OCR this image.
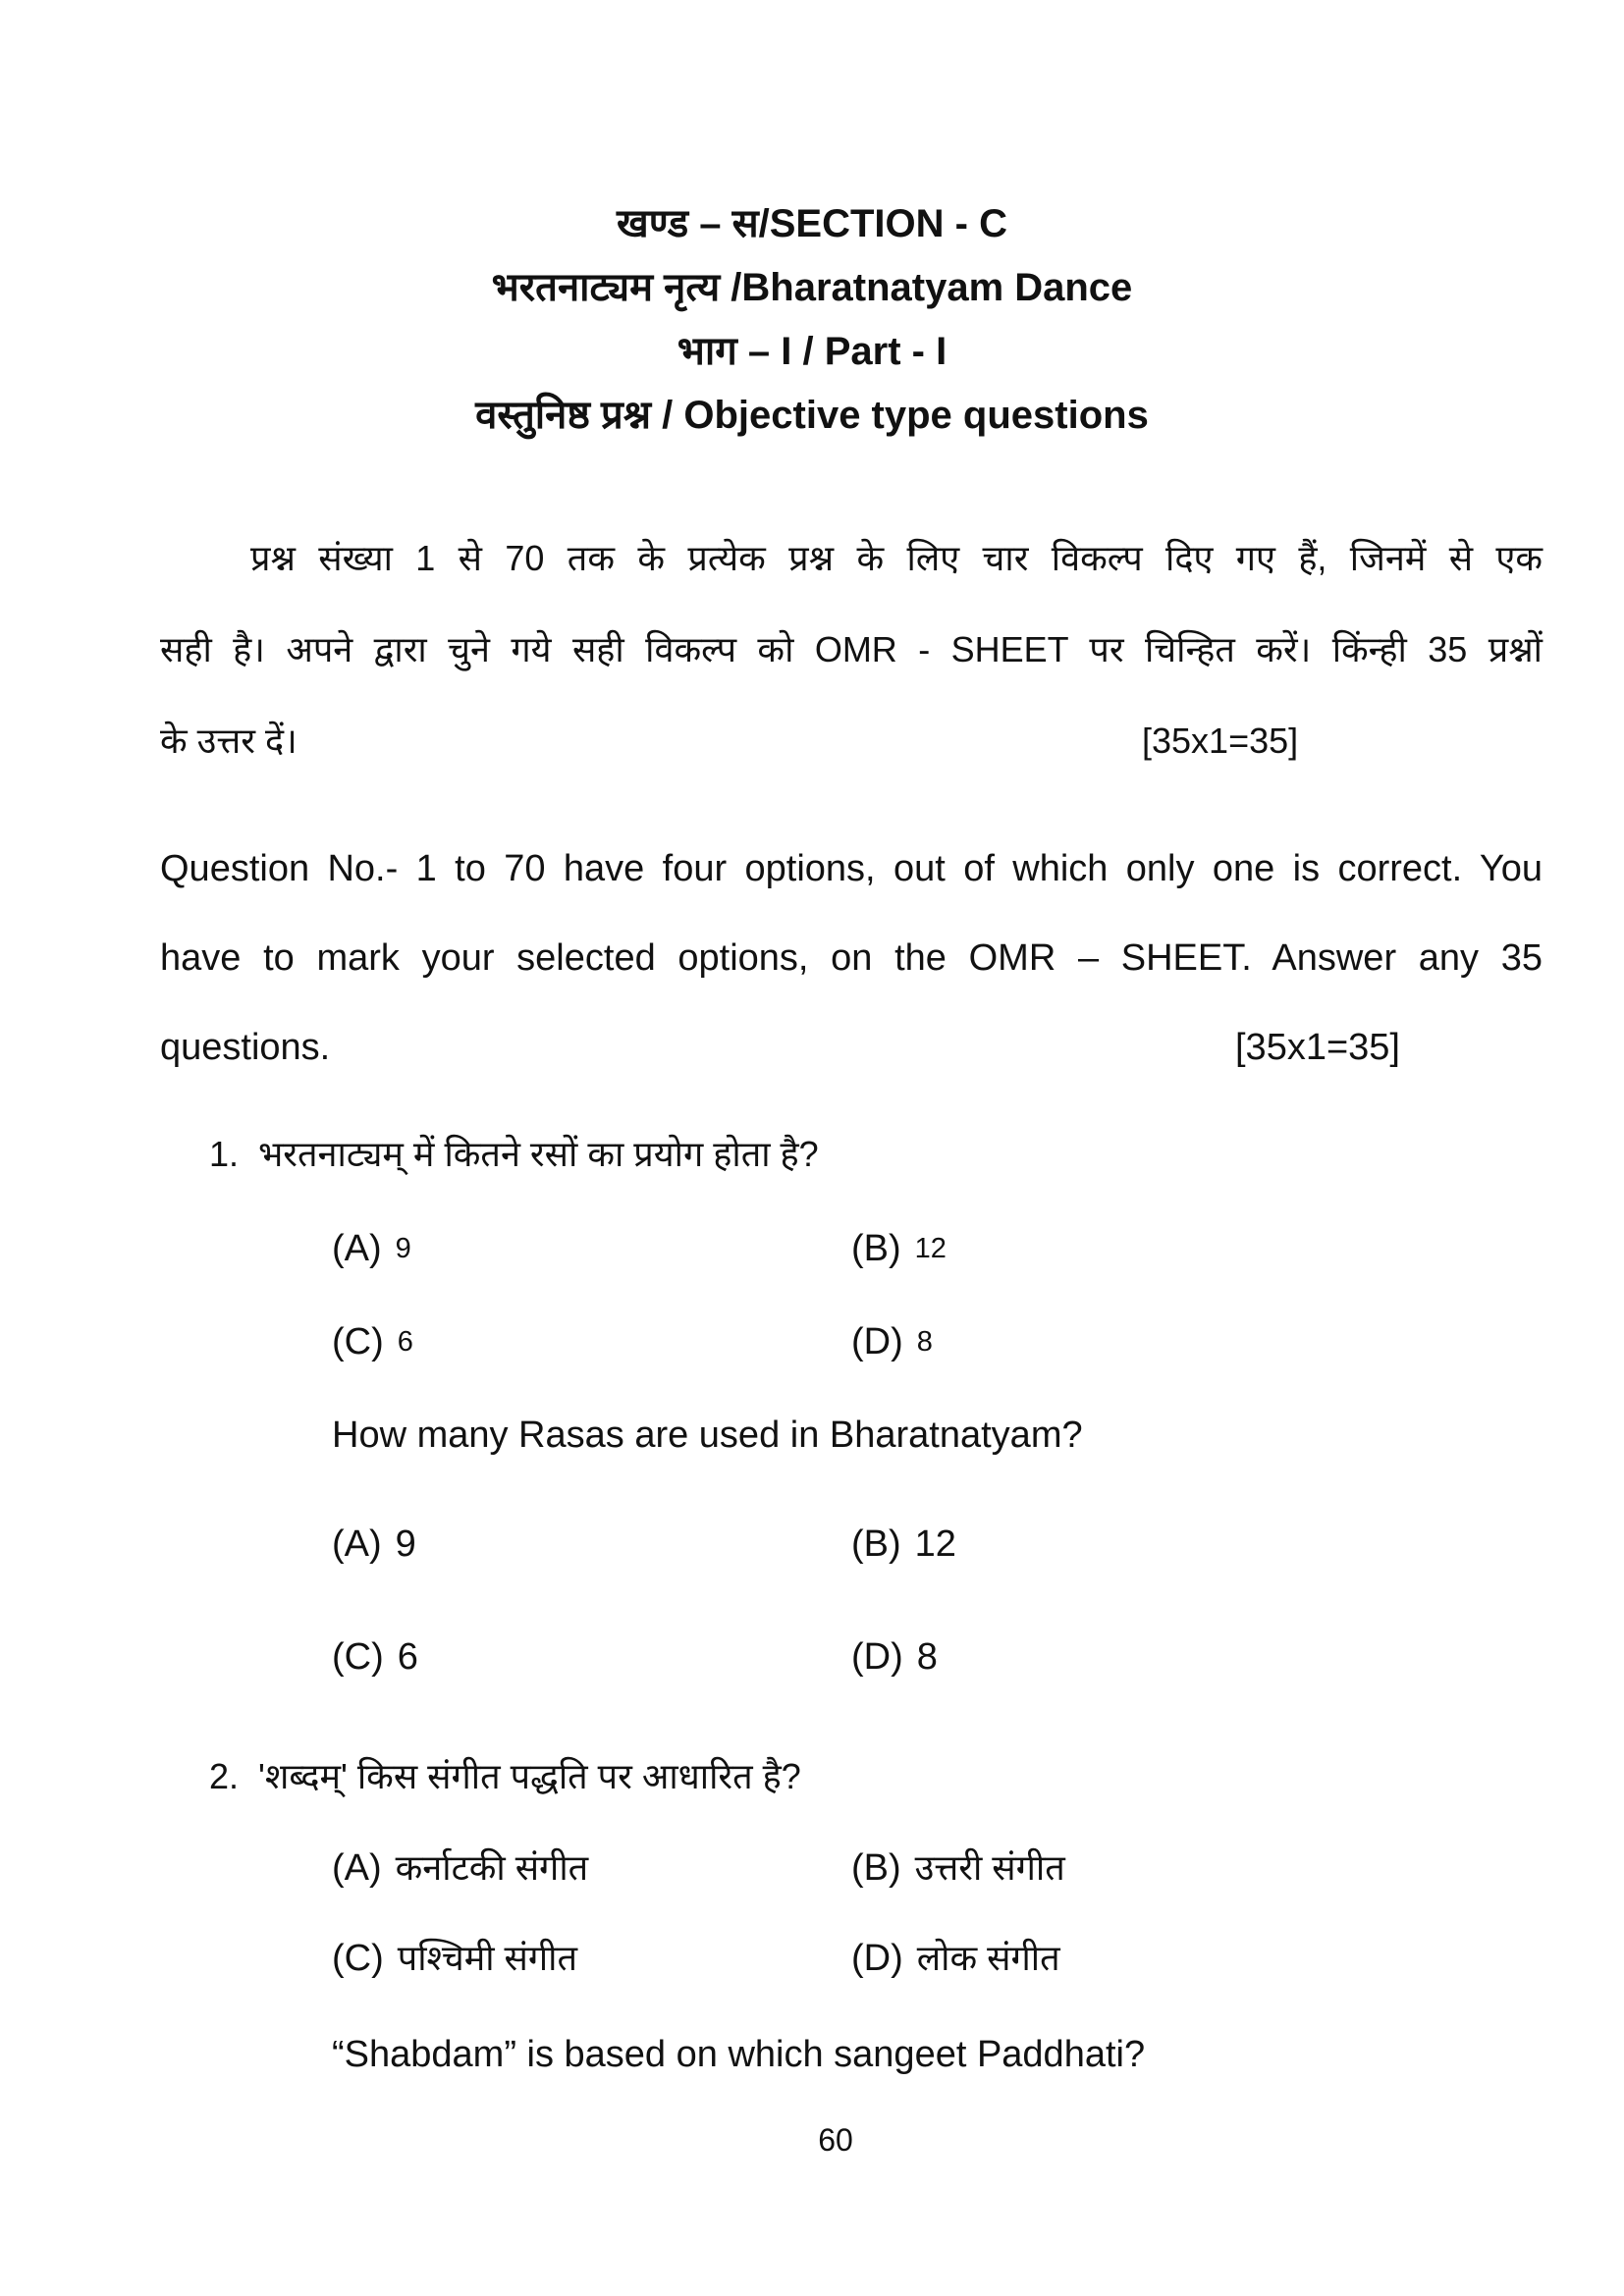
खण्ड – स/SECTION - C
भरतनाट्यम नृत्य /Bharatnatyam Dance
भाग – I / Part - I
वस्तुनिष्ठ प्रश्न / Objective type questions
प्रश्न संख्या 1 से 70 तक के प्रत्येक प्रश्न के लिए चार विकल्प दिए गए हैं, जिनमें से एक
सही है। अपने द्वारा चुने गये सही विकल्प को OMR - SHEET पर चिन्हित करें। किंन्ही 35 प्रश्नों
के उत्तर दें।	[35x1=35]
Question No.- 1 to 70 have four options, out of which only one is correct. You
have to mark your selected options, on the OMR – SHEET. Answer any 35
questions.	[35x1=35]
1. भरतनाट्यम् में कितने रसों का प्रयोग होता है?
(A) 9	(B) 12
(C) 6	(D) 8
How many Rasas are used in Bharatnatyam?
(A) 9	(B) 12
(C) 6	(D) 8
2. 'शब्दम्' किस संगीत पद्धति पर आधारित है?
(A) कर्नाटकी संगीत	(B) उत्तरी संगीत
(C) पश्चिमी संगीत	(D) लोक संगीत
“Shabdam” is based on which sangeet Paddhati?
60
